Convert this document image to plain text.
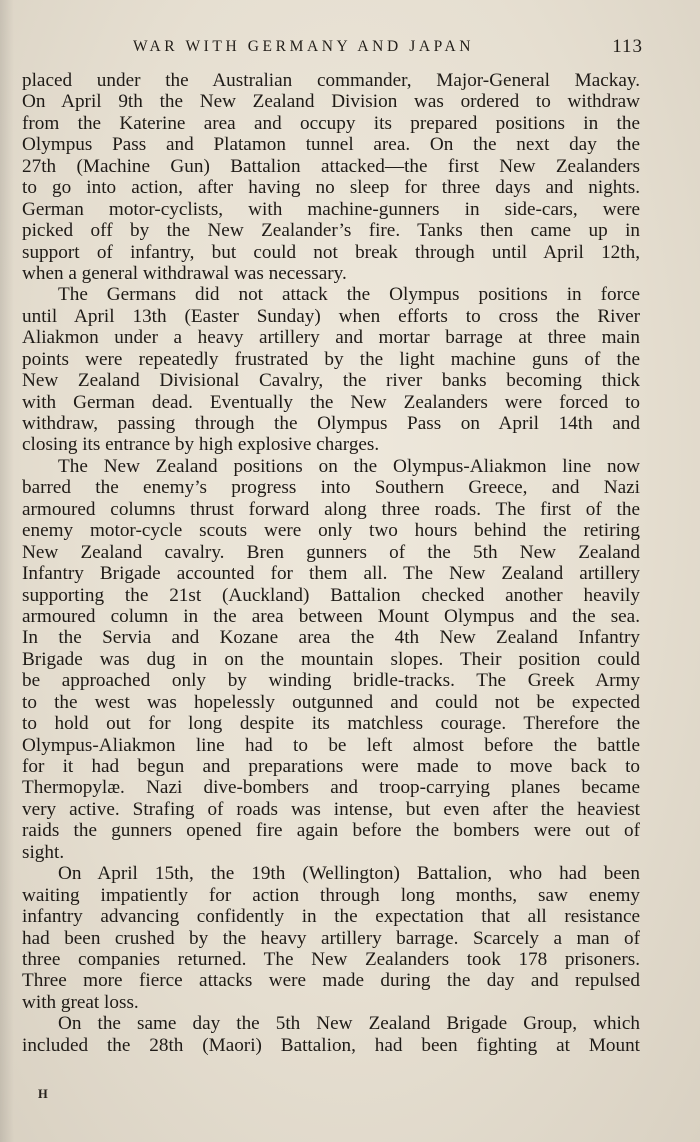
WAR WITH GERMANY AND JAPAN	113
placed under the Australian commander, Major-General Mackay.
On April 9th the New Zealand Division was ordered to withdraw
from the Katerine area and occupy its prepared positions in the
Olympus Pass and Platamon tunnel area. On the next day the
27th (Machine Gun) Battalion attacked—the first New Zealanders
to go into action, after having no sleep for three days and nights.
German motor-cyclists, with machine-gunners in side-cars, were
picked off by the New Zealander’s fire. Tanks then came up in
support of infantry, but could not break through until April 12th,
when a general withdrawal was necessary.
The Germans did not attack the Olympus positions in force
until April 13th (Easter Sunday) when efforts to cross the River
Aliakmon under a heavy artillery and mortar barrage at three main
points were repeatedly frustrated by the light machine guns of the
New Zealand Divisional Cavalry, the river banks becoming thick
with German dead. Eventually the New Zealanders were forced to
withdraw, passing through the Olympus Pass on April 14th and
closing its entrance by high explosive charges.
The New Zealand positions on the Olympus-Aliakmon line now
barred the enemy’s progress into Southern Greece, and Nazi
armoured columns thrust forward along three roads. The first of the
enemy motor-cycle scouts were only two hours behind the retiring
New Zealand cavalry. Bren gunners of the 5th New Zealand
Infantry Brigade accounted for them all. The New Zealand artillery
supporting the 21st (Auckland) Battalion checked another heavily
armoured column in the area between Mount Olympus and the sea.
In the Servia and Kozane area the 4th New Zealand Infantry
Brigade was dug in on the mountain slopes. Their position could
be approached only by winding bridle-tracks. The Greek Army
to the west was hopelessly outgunned and could not be expected
to hold out for long despite its matchless courage. Therefore the
Olympus-Aliakmon line had to be left almost before the battle
for it had begun and preparations were made to move back to
Thermopylæ. Nazi dive-bombers and troop-carrying planes became
very active. Strafing of roads was intense, but even after the heaviest
raids the gunners opened fire again before the bombers were out of
sight.
On April 15th, the 19th (Wellington) Battalion, who had been
waiting impatiently for action through long months, saw enemy
infantry advancing confidently in the expectation that all resistance
had been crushed by the heavy artillery barrage. Scarcely a man of
three companies returned. The New Zealanders took 178 prisoners.
Three more fierce attacks were made during the day and repulsed
with great loss.
On the same day the 5th New Zealand Brigade Group, which
included the 28th (Maori) Battalion, had been fighting at Mount
H
